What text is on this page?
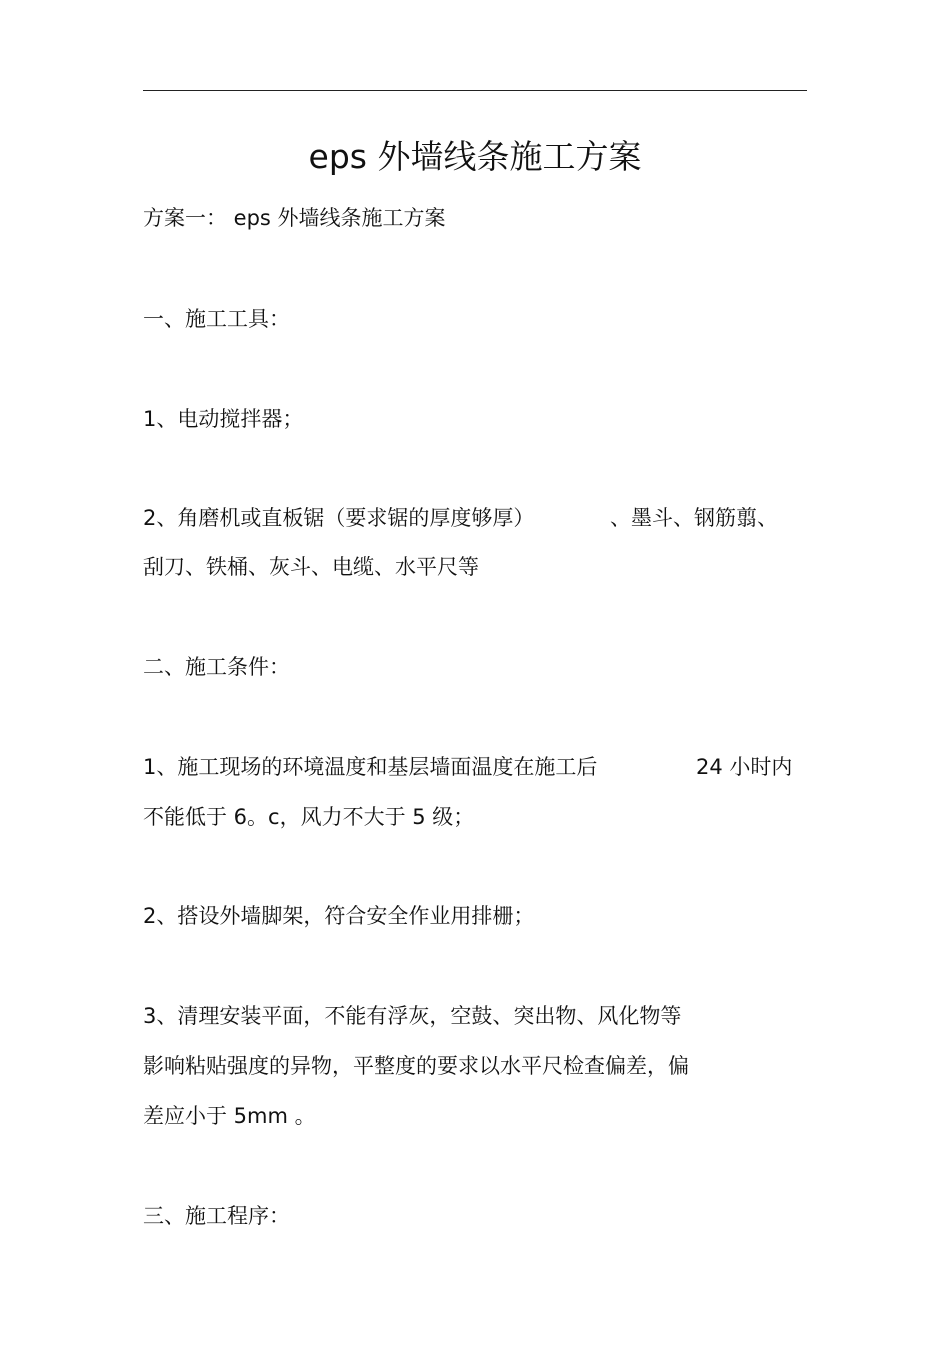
eps 外墙线条施工方案
方案一： eps 外墙线条施工方案
一、施工工具：
1、电动搅拌器；
2、角磨机或直板锯（要求锯的厚度够厚）	、墨斗、钢筋翦、
刮刀、铁桶、灰斗、电缆、水平尺等
二、施工条件：
1、施工现场的环境温度和基层墙面温度在施工后	24 小时内
不能低于 6。c，风力不大于 5 级；
2、搭设外墙脚架，符合安全作业用排栅；
3、清理安装平面，不能有浮灰，空鼓、突出物、风化物等
影响粘贴强度的异物，平整度的要求以水平尺检查偏差，偏
差应小于 5mm 。
三、施工程序：
